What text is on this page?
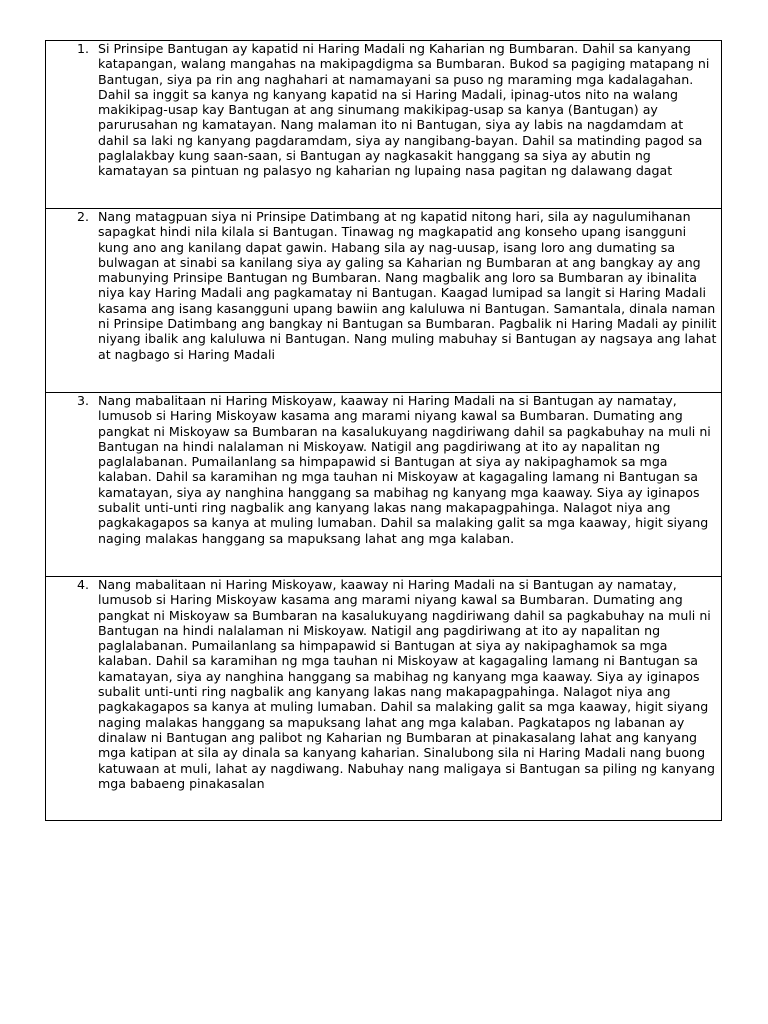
1. Si Prinsipe Bantugan ay kapatid ni Haring Madali ng Kaharian ng Bumbaran. Dahil sa kanyang katapangan, walang mangahas na makipagdigma sa Bumbaran. Bukod sa pagiging matapang ni Bantugan, siya pa rin ang naghahari at namamayani sa puso ng maraming mga kadalagahan. Dahil sa inggit sa kanya ng kanyang kapatid na si Haring Madali, ipinag-utos nito na walang makikipag-usap kay Bantugan at ang sinumang makikipag-usap sa kanya (Bantugan) ay parurusahan ng kamatayan. Nang malaman ito ni Bantugan, siya ay labis na nagdamdam at dahil sa laki ng kanyang pagdaramdam, siya ay nangibang-bayan. Dahil sa matinding pagod sa paglalakbay kung saan-saan, si Bantugan ay nagkasakit hanggang sa siya ay abutin ng kamatayan sa pintuan ng palasyo ng kaharian ng lupaing nasa pagitan ng dalawang dagat

2. Nang matagpuan siya ni Prinsipe Datimbang at ng kapatid nitong hari, sila ay nagulumihanan sapagkat hindi nila kilala si Bantugan. Tinawag ng magkapatid ang konseho upang isangguni kung ano ang kanilang dapat gawin. Habang sila ay nag-uusap, isang loro ang dumating sa bulwagan at sinabi sa kanilang siya ay galing sa Kaharian ng Bumbaran at ang bangkay ay ang mabunying Prinsipe Bantugan ng Bumbaran. Nang magbalik ang loro sa Bumbaran ay ibinalita niya kay Haring Madali ang pagkamatay ni Bantugan. Kaagad lumipad sa langit si Haring Madali kasama ang isang kasangguni upang bawiin ang kaluluwa ni Bantugan. Samantala, dinala naman ni Prinsipe Datimbang ang bangkay ni Bantugan sa Bumbaran. Pagbalik ni Haring Madali ay pinilit niyang ibalik ang kaluluwa ni Bantugan. Nang muling mabuhay si Bantugan ay nagsaya ang lahat at nagbago si Haring Madali

3. Nang mabalitaan ni Haring Miskoyaw, kaaway ni Haring Madali na si Bantugan ay namatay, lumusob si Haring Miskoyaw kasama ang marami niyang kawal sa Bumbaran. Dumating ang pangkat ni Miskoyaw sa Bumbaran na kasalukuyang nagdiriwang dahil sa pagkabuhay na muli ni Bantugan na hindi nalalaman ni Miskoyaw. Natigil ang pagdiriwang at ito ay napalitan ng paglalabanan. Pumailanlang sa himpapawid si Bantugan at siya ay nakipaghamok sa mga kalaban. Dahil sa karamihan ng mga tauhan ni Miskoyaw at kagagaling lamang ni Bantugan sa kamatayan, siya ay nanghina hanggang sa mabihag ng kanyang mga kaaway. Siya ay iginapos subalit unti-unti ring nagbalik ang kanyang lakas nang makapagpahinga. Nalagot niya ang pagkakagapos sa kanya at muling lumaban. Dahil sa malaking galit sa mga kaaway, higit siyang naging malakas hanggang sa mapuksang lahat ang mga kalaban.

4. Nang mabalitaan ni Haring Miskoyaw, kaaway ni Haring Madali na si Bantugan ay namatay, lumusob si Haring Miskoyaw kasama ang marami niyang kawal sa Bumbaran. Dumating ang pangkat ni Miskoyaw sa Bumbaran na kasalukuyang nagdiriwang dahil sa pagkabuhay na muli ni Bantugan na hindi nalalaman ni Miskoyaw. Natigil ang pagdiriwang at ito ay napalitan ng paglalabanan. Pumailanlang sa himpapawid si Bantugan at siya ay nakipaghamok sa mga kalaban. Dahil sa karamihan ng mga tauhan ni Miskoyaw at kagagaling lamang ni Bantugan sa kamatayan, siya ay nanghina hanggang sa mabihag ng kanyang mga kaaway. Siya ay iginapos subalit unti-unti ring nagbalik ang kanyang lakas nang makapagpahinga. Nalagot niya ang pagkakagapos sa kanya at muling lumaban. Dahil sa malaking galit sa mga kaaway, higit siyang naging malakas hanggang sa mapuksang lahat ang mga kalaban. Pagkatapos ng labanan ay dinalaw ni Bantugan ang palibot ng Kaharian ng Bumbaran at pinakasalang lahat ang kanyang mga katipan at sila ay dinala sa kanyang kaharian. Sinalubong sila ni Haring Madali nang buong katuwaan at muli, lahat ay nagdiwang. Nabuhay nang maligaya si Bantugan sa piling ng kanyang mga babaeng pinakasalan
